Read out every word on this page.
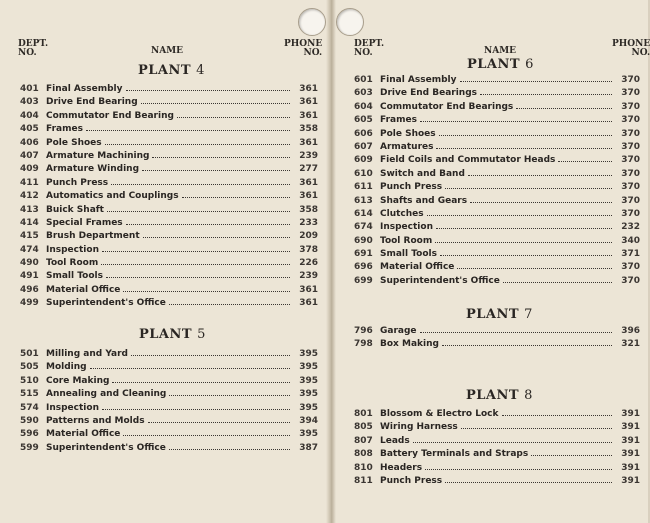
DEPT.
NO.	NAME
PHONE
NO.
DEPT.
NO.	NAME
PHONE
NO.
PLANT 4
401 Final Assembly	361
403 Drive End Bearing	361
404 Commutator End Bearing	361
405 Frames	358
406 Pole Shoes	361
407 Armature Machining	239
409 Armature Winding	277
411 Punch Press	361
412 Automatics and Couplings	361
413 Buick Shaft	358
414 Special Frames	233
415 Brush Department	209
474 Inspection	378
490 Tool Room	226
491 Small Tools	239
496 Material Office	361
499 Superintendent's Office	361
PLANT 5
501 Milling and Yard	395
505 Molding	395
510 Core Making	395
515 Annealing and Cleaning	395
574 Inspection	395
590 Patterns and Molds	394
596 Material Office	395
599 Superintendent's Office	387
PLANT 6
601 Final Assembly	370
603 Drive End Bearings	370
604 Commutator End Bearings	370
605 Frames	370
606 Pole Shoes	370
607 Armatures	370
609 Field Coils and Commutator Heads	370
610 Switch and Band	370
611 Punch Press	370
613 Shafts and Gears	370
614 Clutches	370
674 Inspection	232
690 Tool Room	340
691 Small Tools	371
696 Material Office	370
699 Superintendent's Office	370
PLANT 7
796 Garage	396
798 Box Making	321
PLANT 8
801 Blossom & Electro Lock	391
805 Wiring Harness	391
807 Leads	391
808 Battery Terminals and Straps	391
810 Headers	391
811 Punch Press	391
